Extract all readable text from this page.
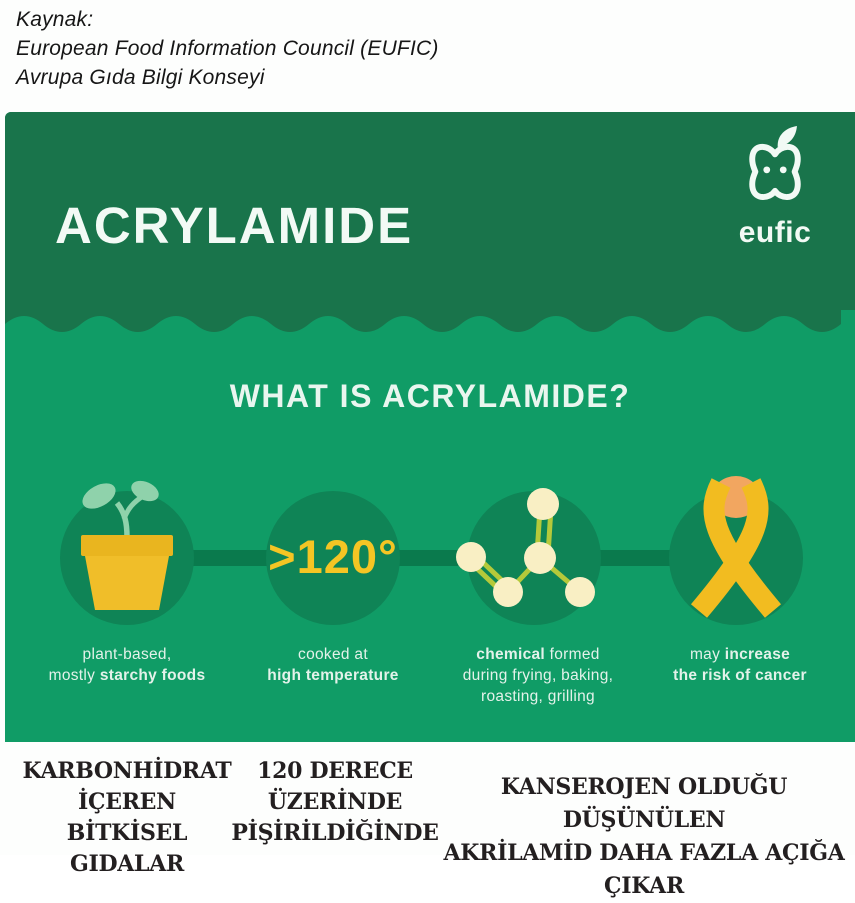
Kaynak:
European Food Information Council (EUFIC)
Avrupa Gıda Bilgi Konseyi
ACRYLAMIDE	eufic
WHAT IS ACRYLAMIDE?
>120°
plant-based,
mostly starchy foods
cooked at
high temperature
chemical formed
during frying, baking,
roasting, grilling
may increase
the risk of cancer
KARBONHİDRAT
İÇEREN
BİTKİSEL GIDALAR
120 DERECE
ÜZERİNDE
PİŞİRİLDİĞİNDE
KANSEROJEN OLDUĞU DÜŞÜNÜLEN
AKRİLAMİD DAHA FAZLA AÇIĞA ÇIKAR
